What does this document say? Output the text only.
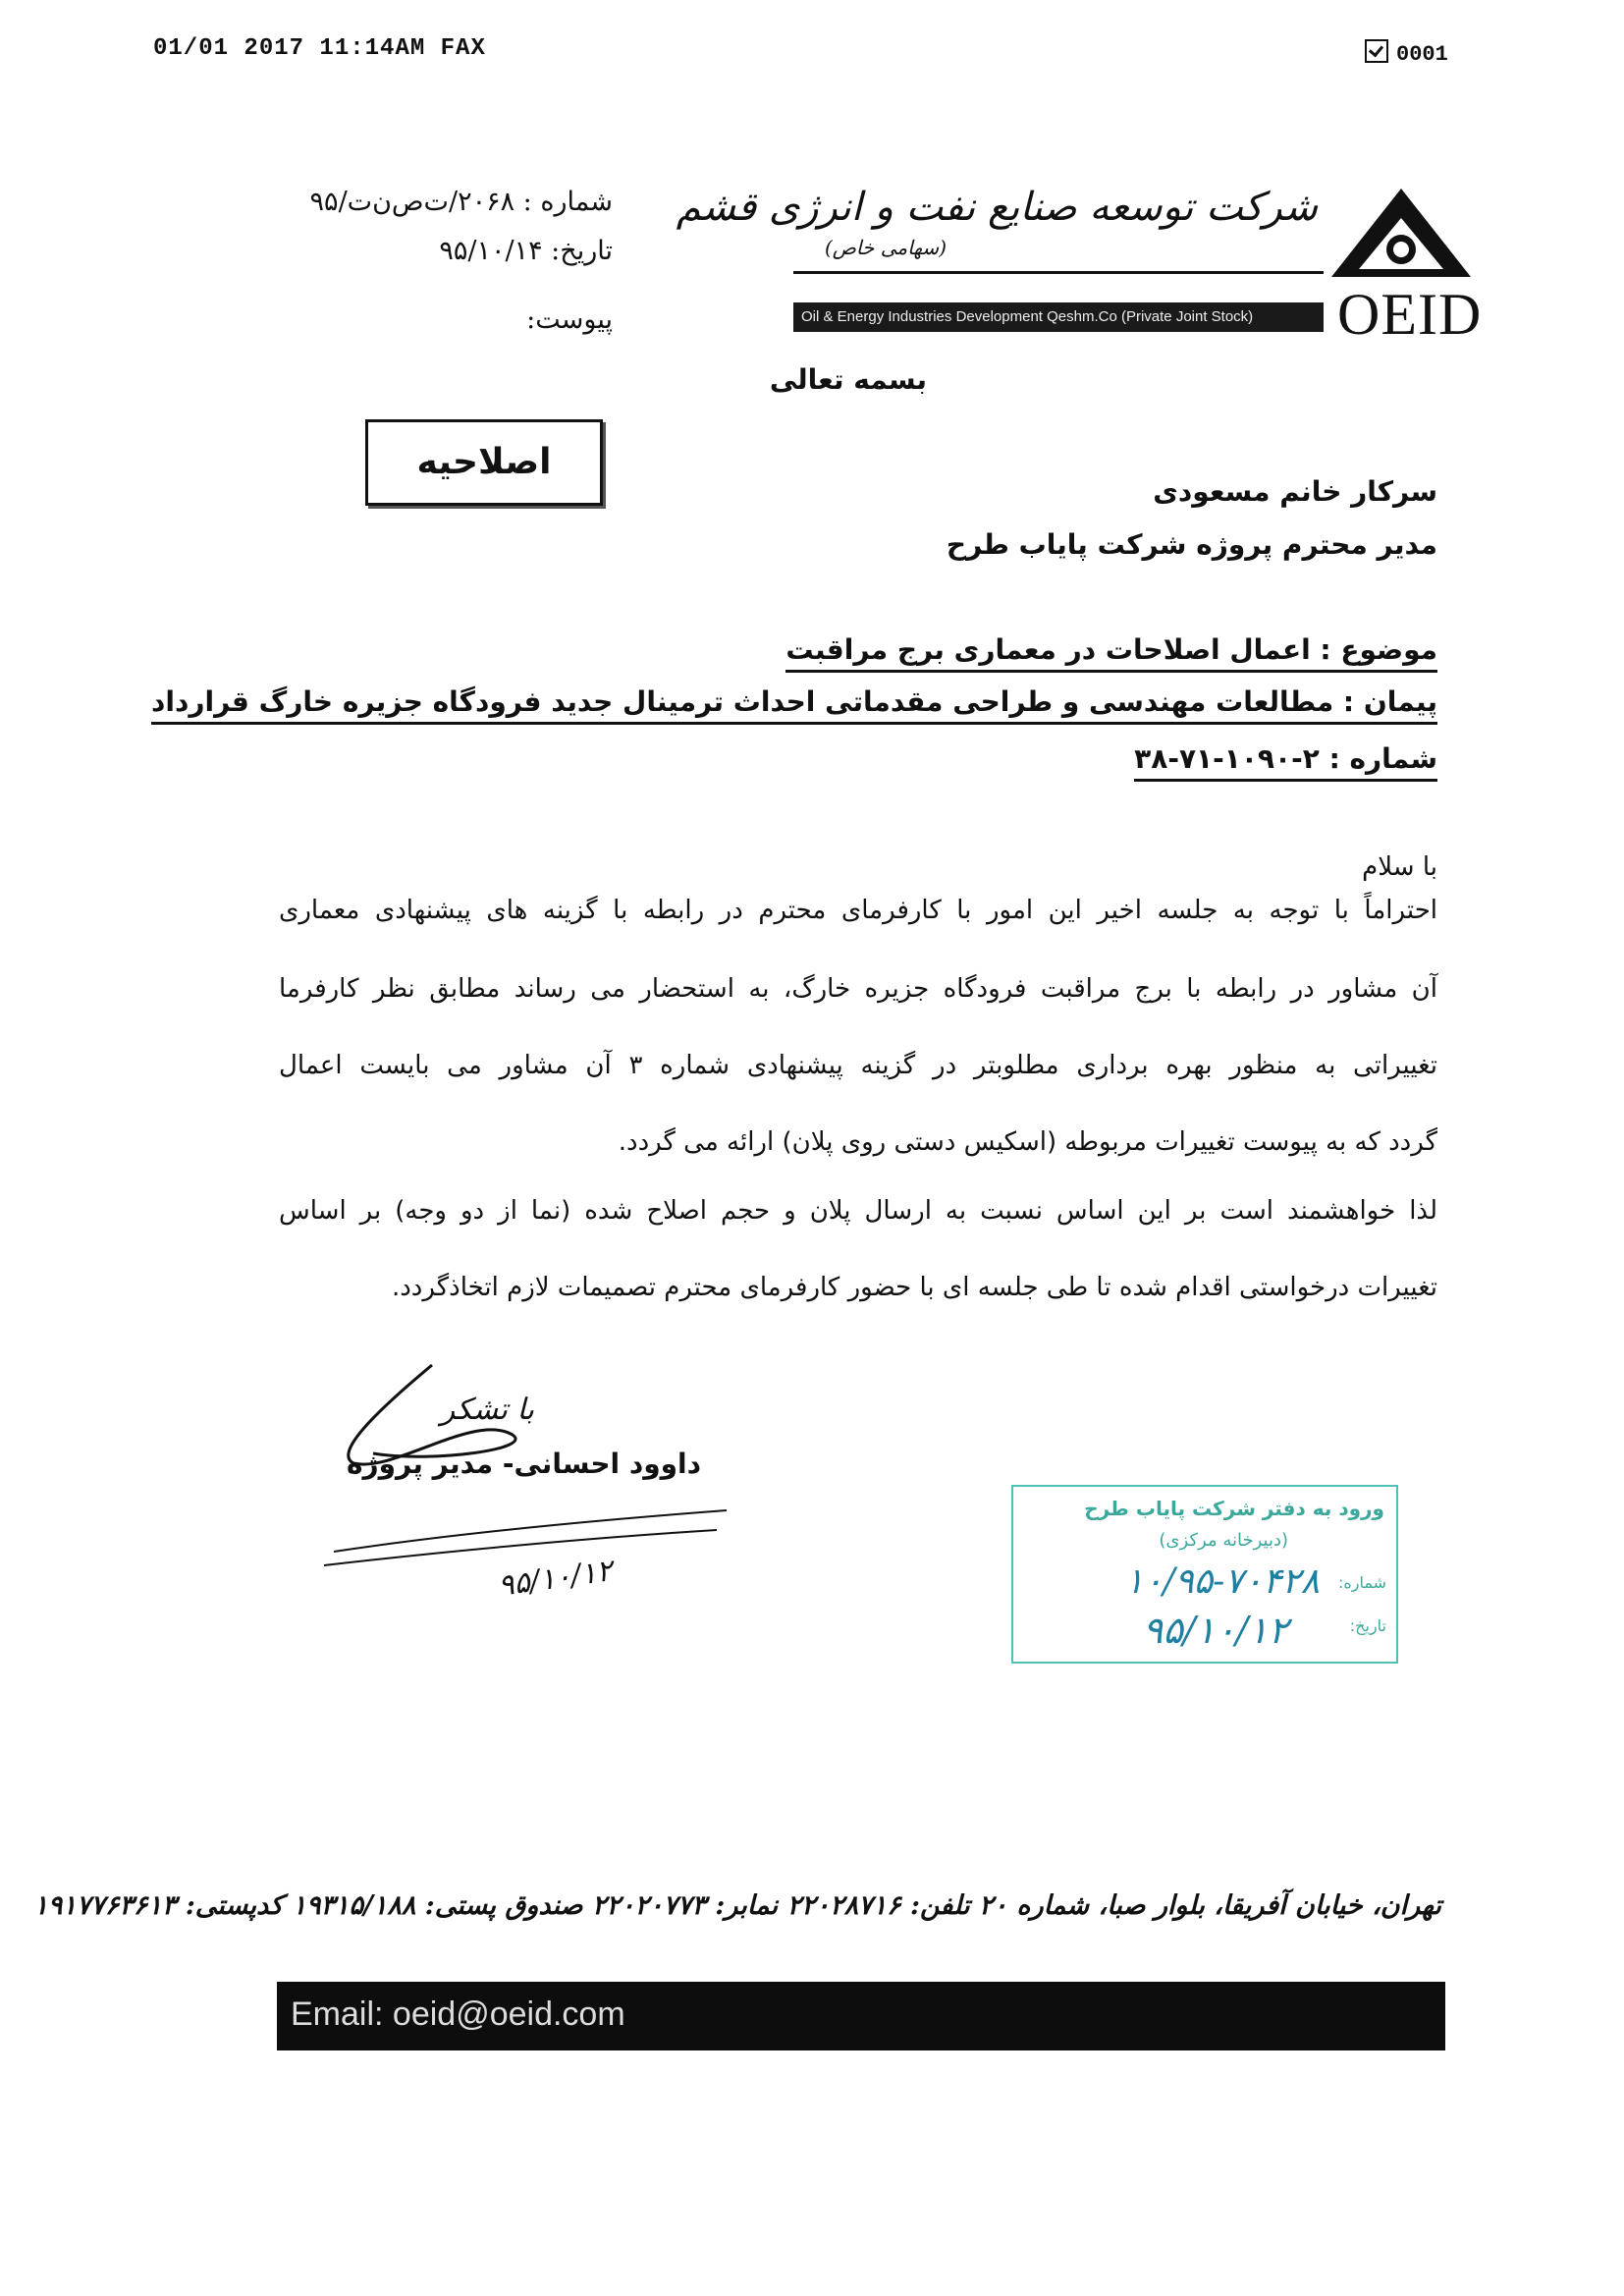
01/01 2017 11:14AM FAX	0001
شماره : ۲۰۶۸/ت‌ص‌ن‌ت/۹۵
تاریخ: ۹۵/۱۰/۱۴
پیوست:
شرکت توسعه صنایع نفت و انرژی قشم
(سهامی خاص)
Oil & Energy Industries Development Qeshm.Co (Private Joint Stock)	OEID
بسمه تعالی
اصلاحیه
سرکار خانم مسعودی
مدیر محترم پروژه شرکت پایاب طرح
موضوع : اعمال اصلاحات در معماری برج مراقبت
پیمان : مطالعات مهندسی و طراحی مقدماتی احداث ترمینال جدید فرودگاه جزیره خارگ قرارداد
شماره : ۲-۱۰۹۰-۷۱-۳۸
با سلام
احتراماً با توجه به جلسه اخیر این امور با کارفرمای محترم در رابطه با گزینه های پیشنهادی معماری
آن مشاور در رابطه با برج مراقبت فرودگاه جزیره خارگ، به استحضار می رساند مطابق نظر کارفرما
تغییراتی به منظور بهره برداری مطلوبتر در گزینه پیشنهادی شماره ۳ آن مشاور می بایست اعمال
گردد که به پیوست تغییرات مربوطه (اسکیس دستی روی پلان) ارائه می گردد.
لذا خواهشمند است بر این اساس نسبت به ارسال پلان و حجم اصلاح شده (نما از دو وجه) بر اساس
تغییرات درخواستی اقدام شده تا طی جلسه ای با حضور کارفرمای محترم تصمیمات لازم اتخاذگردد.
با تشکر
داوود احسانی- مدیر پروژه
۹۵/۱۰/۱۲
ورود به دفتر شرکت پایاب طرح
(دبیرخانه مرکزی)
شماره:
تاریخ:
۱۰/۹۵-۷۰۴۲۸
۹۵/۱۰/۱۲
تهران، خیابان آفریقا، بلوار صبا، شماره ۲۰ تلفن: ۲۲۰۲۸۷۱۶ نمابر: ۲۲۰۲۰۷۷۳ صندوق پستی: ۱۹۳۱۵/۱۸۸ کدپستی: ۱۹۱۷۷۶۳۶۱۳
Email: oeid@oeid.com
